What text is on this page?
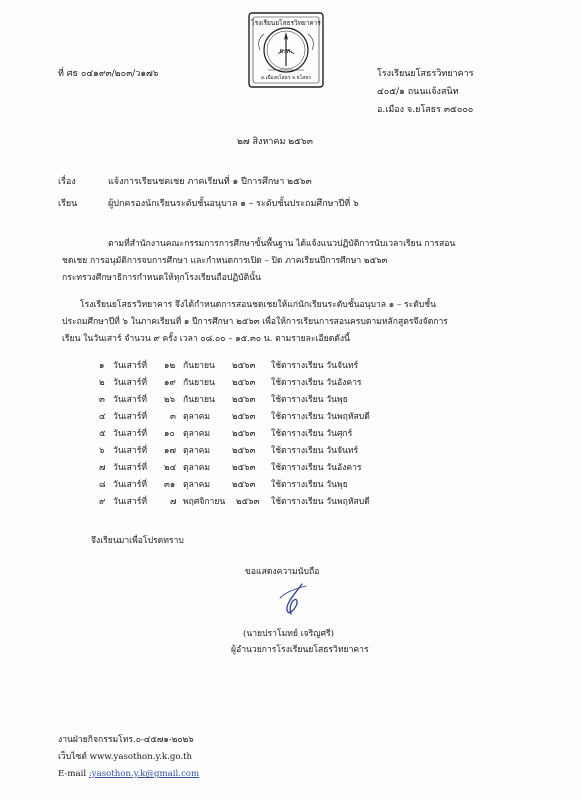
ที่ ศธ ๐๔๑๙๓/๒๐๓/ว๑๗๖
โรงเรียนยโสธรวิทยาคาร
ย.ท.
อ.เมืองยโสธร จ.ยโสธร	โรงเรียนยโสธรวิทยาคาร
๔๐๕/๑ ถนนแจ้งสนิท
อ.เมือง จ.ยโสธร ๓๕๐๐๐
๒๗ สิงหาคม ๒๕๖๓
เรื่อง	แจ้งการเรียนชดเชย ภาคเรียนที่ ๑ ปีการศึกษา ๒๕๖๓
เรียน	ผู้ปกครองนักเรียนระดับชั้นอนุบาล ๑ – ระดับชั้นประถมศึกษาปีที่ ๖
ตามที่สำนักงานคณะกรรมการการศึกษาขั้นพื้นฐาน ได้แจ้งแนวปฏิบัติการนับเวลาเรียน การสอน
ชดเชย การอนุมัติการจบการศึกษา และกำหนดการเปิด – ปิด ภาคเรียนปีการศึกษา ๒๕๖๓
กระทรวงศึกษาธิการกำหนดให้ทุกโรงเรียนถือปฏิบัตินั้น
โรงเรียนยโสธรวิทยาคาร จึงได้กำหนดการสอนชดเชยให้แก่นักเรียนระดับชั้นอนุบาล ๑ – ระดับชั้น
ประถมศึกษาปีที่ ๖ ในภาคเรียนที่ ๑ ปีการศึกษา ๒๕๖๓ เพื่อให้การเรียนการสอนครบตามหลักสูตรจึงจัดการ
เรียน ในวันเสาร์ จำนวน ๙ ครั้ง เวลา ๐๘.๐๐ – ๑๕.๓๐ น. ตามรายละเอียดดังนี้
๑ วันเสาร์ที่ ๑๒ กันยายน ๒๕๖๓ ใช้ตารางเรียน วันจันทร์
๒ วันเสาร์ที่ ๑๙ กันยายน ๒๕๖๓ ใช้ตารางเรียน วันอังคาร
๓ วันเสาร์ที่ ๒๖ กันยายน ๒๕๖๓ ใช้ตารางเรียน วันพุธ
๔ วันเสาร์ที่	๓ ตุลาคม	๒๕๖๓ ใช้ตารางเรียน วันพฤหัสบดี
๕ วันเสาร์ที่ ๑๐ ตุลาคม	๒๕๖๓ ใช้ตารางเรียน วันศุกร์
๖ วันเสาร์ที่ ๑๗ ตุลาคม	๒๕๖๓ ใช้ตารางเรียน วันจันทร์
๗ วันเสาร์ที่ ๒๔ ตุลาคม	๒๕๖๓ ใช้ตารางเรียน วันอังคาร
๘ วันเสาร์ที่ ๓๑ ตุลาคม	๒๕๖๓ ใช้ตารางเรียน วันพุธ
๙ วันเสาร์ที่	๗ พฤศจิกายน ๒๕๖๓ ใช้ตารางเรียน วันพฤหัสบดี
จึงเรียนมาเพื่อโปรดทราบ
ขอแสดงความนับถือ
(นายปราโมทย์ เจริญศรี)
ผู้อำนวยการโรงเรียนยโสธรวิทยาคาร
งานฝ่ายกิจกรรมโทร.๐-๔๕๗๑-๒๐๒๖
เว็บไซต์ www.yasothon.y.k.go.th
E-mail :yasothon.y.k@gmail.com
